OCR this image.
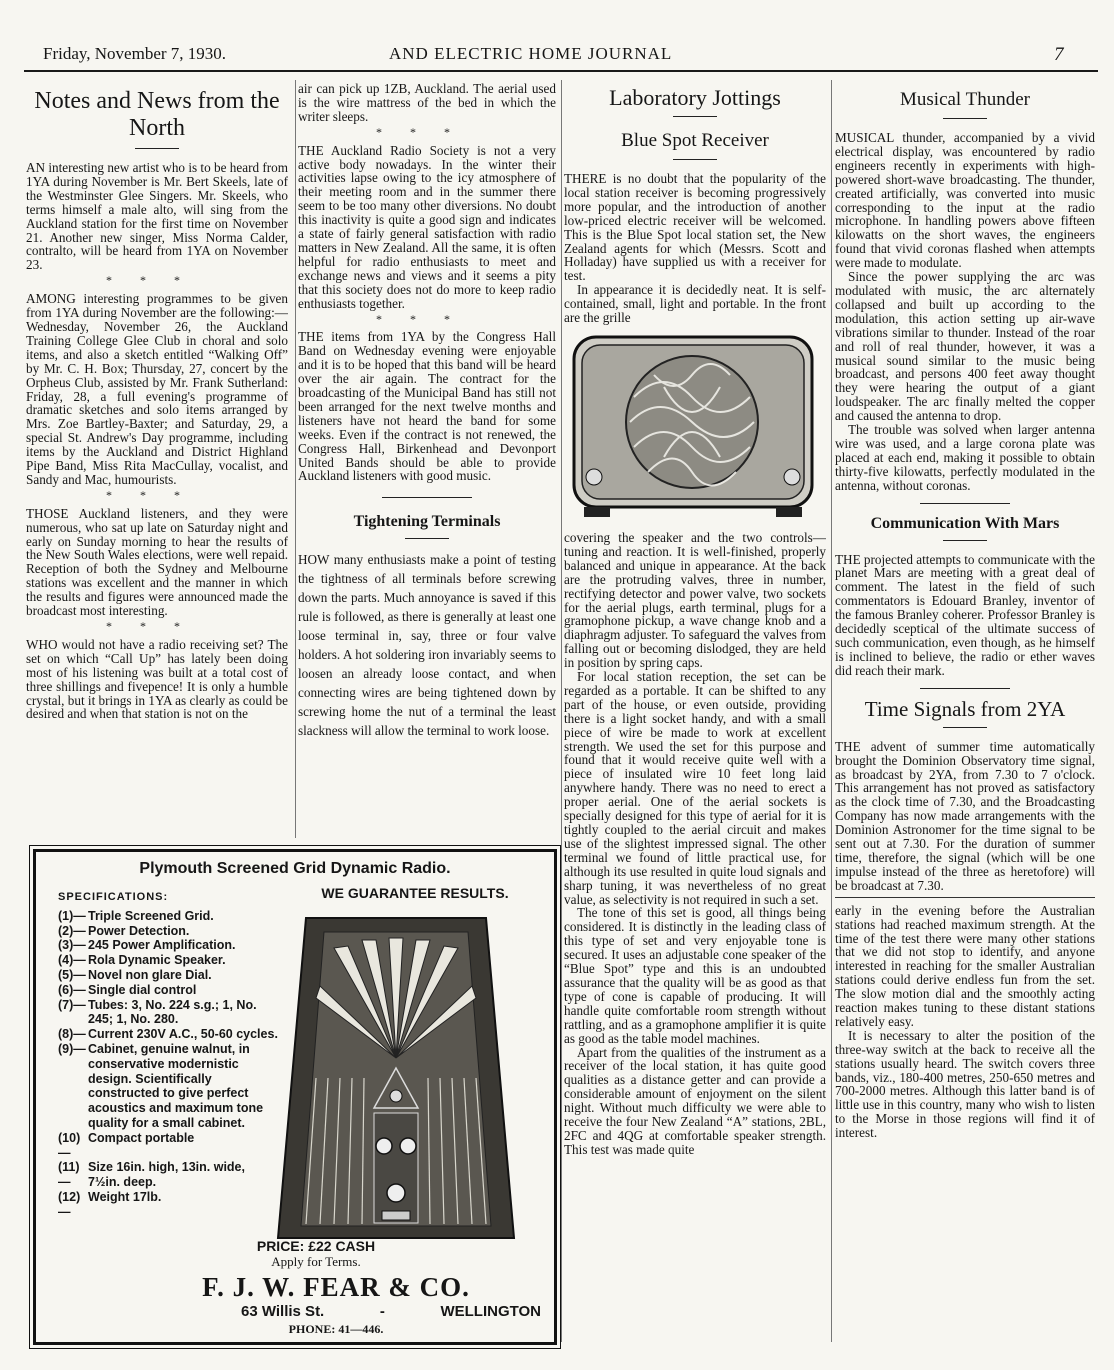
Friday, November 7, 1930.	AND ELECTRIC HOME JOURNAL	7
Notes and News from the North

AN interesting new artist who is to be heard from 1YA during November is Mr. Bert Skeels, late of the Westminster Glee Singers. Mr. Skeels, who terms himself a male alto, will sing from the Auckland station for the first time on November 21. Another new singer, Miss Norma Calder, contralto, will be heard from 1YA on November 23.

***

AMONG interesting programmes to be given from 1YA during November are the following:—Wednesday, November 26, the Auckland Training College Glee Club in choral and solo items, and also a sketch entitled “Walking Off” by Mr. C. H. Box; Thursday, 27, concert by the Orpheus Club, assisted by Mr. Frank Sutherland: Friday, 28, a full evening's programme of dramatic sketches and solo items arranged by Mrs. Zoe Bartley-Baxter; and Saturday, 29, a special St. Andrew's Day programme, including items by the Auckland and District Highland Pipe Band, Miss Rita MacCullay, vocalist, and Sandy and Mac, humourists.

***

THOSE Auckland listeners, and they were numerous, who sat up late on Saturday night and early on Sunday morning to hear the results of the New South Wales elections, were well repaid. Reception of both the Sydney and Melbourne stations was excellent and the manner in which the results and figures were announced made the broadcast most interesting.

***

WHO would not have a radio receiving set? The set on which “Call Up” has lately been doing most of his listening was built at a total cost of three shillings and fivepence! It is only a humble crystal, but it brings in 1YA as clearly as could be desired and when that station is not on the

air can pick up 1ZB, Auckland. The aerial used is the wire mattress of the bed in which the writer sleeps.

***

THE Auckland Radio Society is not a very active body nowadays. In the winter their activities lapse owing to the icy atmosphere of their meeting room and in the summer there seem to be too many other diversions. No doubt this inactivity is quite a good sign and indicates a state of fairly general satisfaction with radio matters in New Zealand. All the same, it is often helpful for radio enthusiasts to meet and exchange news and views and it seems a pity that this society does not do more to keep radio enthusiasts together.

***

THE items from 1YA by the Congress Hall Band on Wednesday evening were enjoyable and it is to be hoped that this band will be heard over the air again. The contract for the broadcasting of the Municipal Band has still not been arranged for the next twelve months and listeners have not heard the band for some weeks. Even if the contract is not renewed, the Congress Hall, Birkenhead and Devonport United Bands should be able to provide Auckland listeners with good music.

Tightening Terminals

HOW many enthusiasts make a point of testing the tightness of all terminals before screwing down the parts. Much annoyance is saved if this rule is followed, as there is generally at least one loose terminal in, say, three or four valve holders. A hot soldering iron invariably seems to loosen an already loose contact, and when connecting wires are being tightened down by screwing home the nut of a terminal the least slackness will allow the terminal to work loose.

Laboratory Jottings
Blue Spot Receiver

THERE is no doubt that the popularity of the local station receiver is becoming progressively more popular, and the introduction of another low-priced electric receiver will be welcomed. This is the Blue Spot local station set, the New Zealand agents for which (Messrs. Scott and Holladay) have supplied us with a receiver for test.

In appearance it is decidedly neat. It is self-contained, small, light and portable. In the front are the grille

covering the speaker and the two controls—tuning and reaction. It is well-finished, properly balanced and unique in appearance. At the back are the protruding valves, three in number, rectifying detector and power valve, two sockets for the aerial plugs, earth terminal, plugs for a gramophone pickup, a wave change knob and a diaphragm adjuster. To safeguard the valves from falling out or becoming dislodged, they are held in position by spring caps.

For local station reception, the set can be regarded as a portable. It can be shifted to any part of the house, or even outside, providing there is a light socket handy, and with a small piece of wire be made to work at excellent strength. We used the set for this purpose and found that it would receive quite well with a piece of insulated wire 10 feet long laid anywhere handy. There was no need to erect a proper aerial. One of the aerial sockets is specially designed for this type of aerial for it is tightly coupled to the aerial circuit and makes use of the slightest impressed signal. The other terminal we found of little practical use, for although its use resulted in quite loud signals and sharp tuning, it was nevertheless of no great value, as selectivity is not required in such a set.

The tone of this set is good, all things being considered. It is distinctly in the leading class of this type of set and very enjoyable tone is secured. It uses an adjustable cone speaker of the “Blue Spot” type and this is an undoubted assurance that the quality will be as good as that type of cone is capable of producing. It will handle quite comfortable room strength without rattling, and as a gramophone amplifier it is quite as good as the table model machines.

Apart from the qualities of the instrument as a receiver of the local station, it has quite good qualities as a distance getter and can provide a considerable amount of enjoyment on the silent night. Without much difficulty we were able to receive the four New Zealand “A” stations, 2BL, 2FC and 4QG at comfortable speaker strength. This test was made quite

Musical Thunder

MUSICAL thunder, accompanied by a vivid electrical display, was encountered by radio engineers recently in experiments with high-powered short-wave broadcasting. The thunder, created artificially, was converted into music corresponding to the input at the radio microphone. In handling powers above fifteen kilowatts on the short waves, the engineers found that vivid coronas flashed when attempts were made to modulate.

Since the power supplying the arc was modulated with music, the arc alternately collapsed and built up according to the modulation, this action setting up air-wave vibrations similar to thunder. Instead of the roar and roll of real thunder, however, it was a musical sound similar to the music being broadcast, and persons 400 feet away thought they were hearing the output of a giant loudspeaker. The arc finally melted the copper and caused the antenna to drop.

The trouble was solved when larger antenna wire was used, and a large corona plate was placed at each end, making it possible to obtain thirty-five kilowatts, perfectly modulated in the antenna, without coronas.

Communication With Mars

THE projected attempts to communicate with the planet Mars are meeting with a great deal of comment. The latest in the field of such commentators is Edouard Branley, inventor of the famous Branley coherer. Professor Branley is decidedly sceptical of the ultimate success of such communication, even though, as he himself is inclined to believe, the radio or ether waves did reach their mark.

Time Signals from 2YA

THE advent of summer time automatically brought the Dominion Observatory time signal, as broadcast by 2YA, from 7.30 to 7 o'clock. This arrangement has not proved as satisfactory as the clock time of 7.30, and the Broadcasting Company has now made arrangements with the Dominion Astronomer for the time signal to be sent out at 7.30. For the duration of summer time, therefore, the signal (which will be one impulse instead of the three as heretofore) will be broadcast at 7.30.

early in the evening before the Australian stations had reached maximum strength. At the time of the test there were many other stations that we did not stop to identify, and anyone interested in reaching for the smaller Australian stations could derive endless fun from the set. The slow motion dial and the smoothly acting reaction makes tuning to these distant stations relatively easy.

It is necessary to alter the position of the three-way switch at the back to receive all the stations usually heard. The switch covers three bands, viz., 180-400 metres, 250-650 metres and 700-2000 metres. Although this latter band is of little use in this country, many who wish to listen to the Morse in those regions will find it of interest.

Plymouth Screened Grid Dynamic Radio.
SPECIFICATIONS:
(1)— Triple Screened Grid.
(2)— Power Detection.
(3)— 245 Power Amplification.
(4)— Rola Dynamic Speaker.
(5)— Novel non glare Dial.
(6)— Single dial control
(7)— Tubes: 3, No. 224 s.g.; 1, No. 245; 1, No. 280.
(8)— Current 230V A.C., 50-60 cycles.
(9)— Cabinet, genuine walnut, in conservative modernistic design. Scientifically constructed to give perfect acoustics and maximum tone quality for a small cabinet.
(10)—
Compact portable
(11)—
Size 16in. high, 13in. wide, 7½in. deep.
(12)—
Weight 17lb.
WE GUARANTEE RESULTS.
PRICE: £22 CASH
Apply for Terms.
F. J. W. FEAR & CO.
63 Willis St.	-	WELLINGTON
PHONE: 41—446.
